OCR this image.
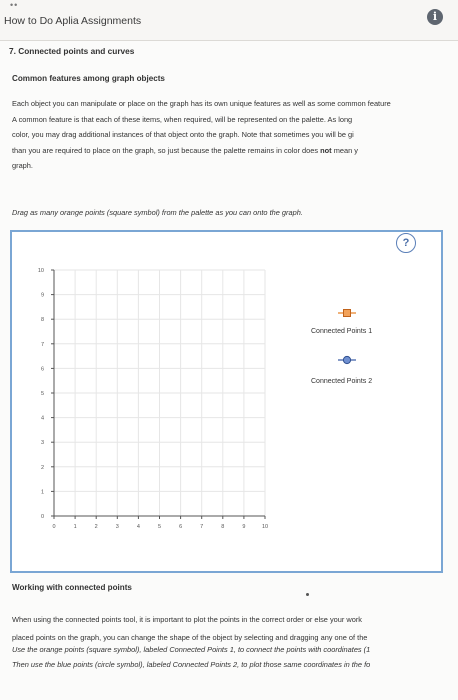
••
How to Do Aplia Assignments	i
7. Connected points and curves
Common features among graph objects
Each object you can manipulate or place on the graph has its own unique features as well as some common feature
A common feature is that each of these items, when required, will be represented on the palette. As long
color, you may drag additional instances of that object onto the graph. Note that sometimes you will be gi
than you are required to place on the graph, so just because the palette remains in color does not mean y
graph.
Drag as many orange points (square symbol) from the palette as you can onto the graph.
?
0
1
2
3
4
5
6
7
8
9
10
0	1	2	3	4	5	6	7	8	9	10
Connected Points 1
Connected Points 2
Working with connected points
When using the connected points tool, it is important to plot the points in the correct order or else your work
placed points on the graph, you can change the shape of the object by selecting and dragging any one of the
Use the orange points (square symbol), labeled Connected Points 1, to connect the points with coordinates (1
Then use the blue points (circle symbol), labeled Connected Points 2, to plot those same coordinates in the fo
